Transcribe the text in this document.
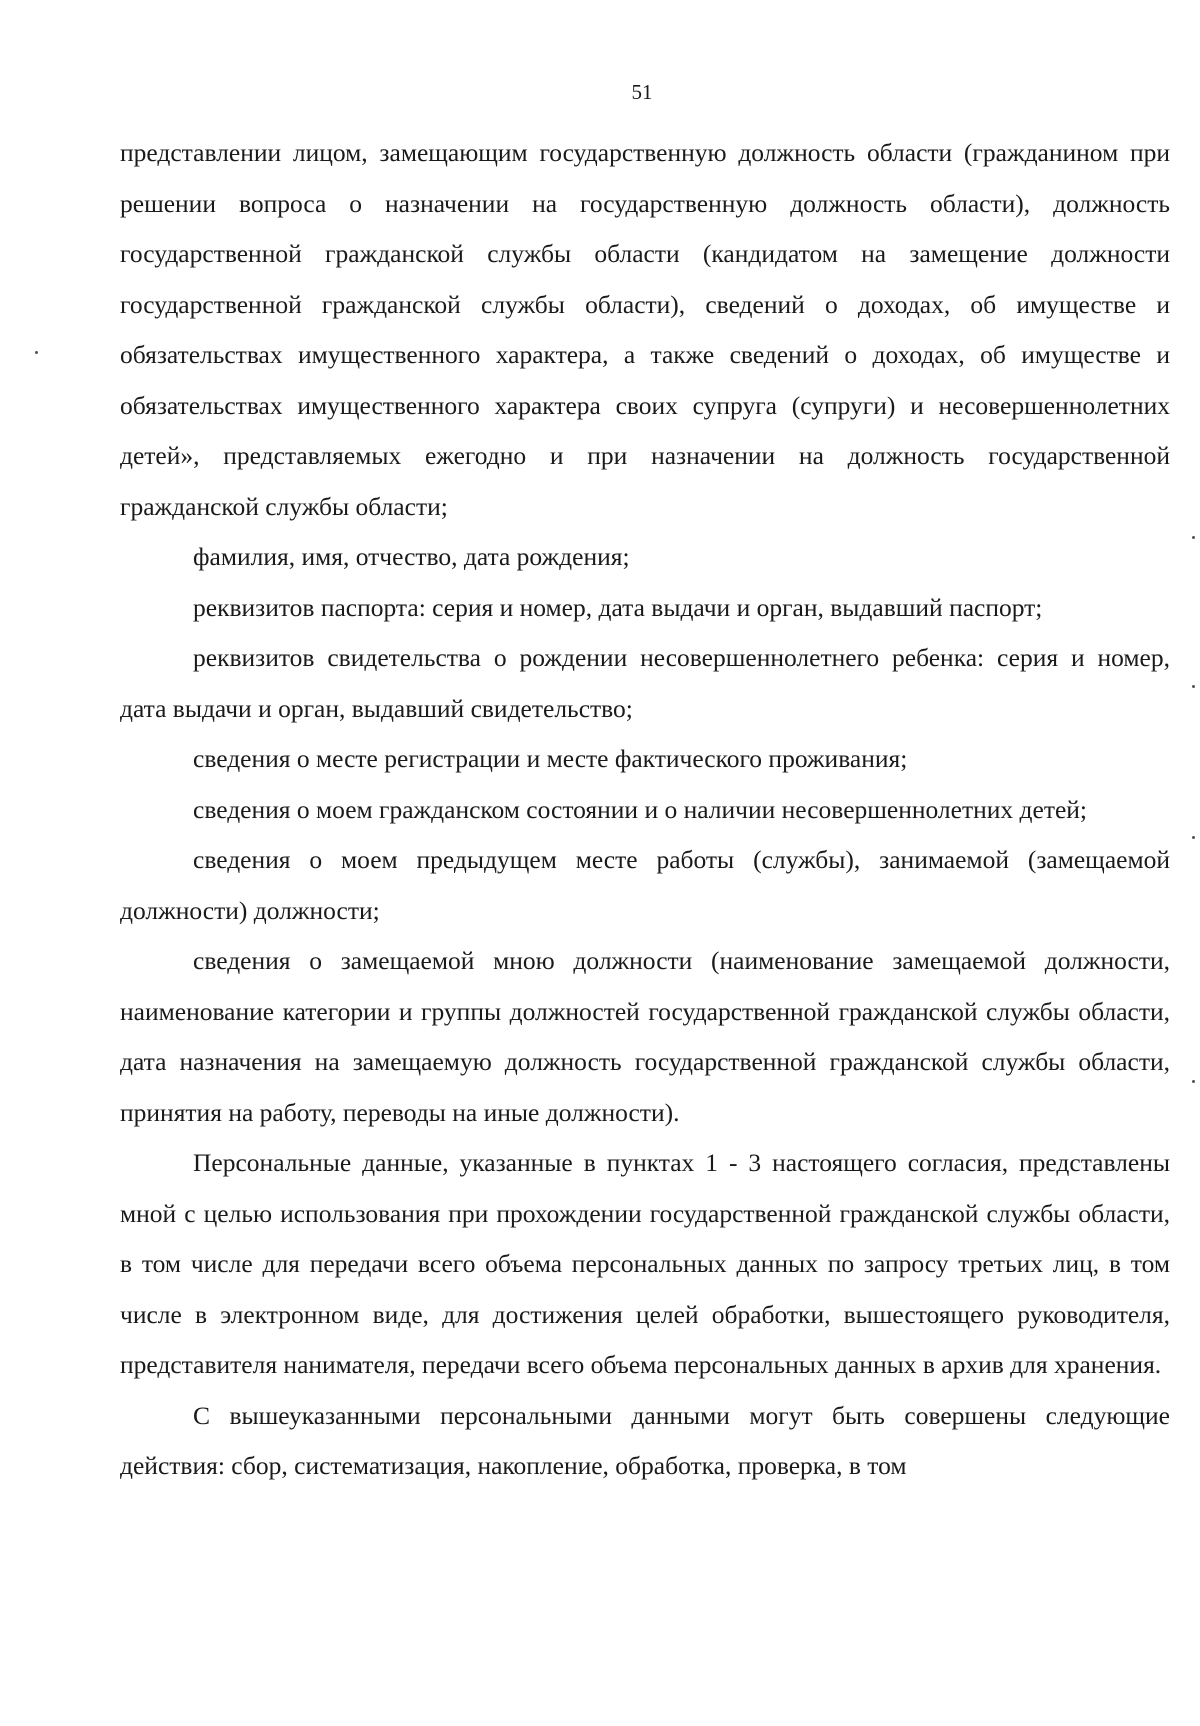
51

представлении лицом, замещающим государственную должность области (гражданином при решении вопроса о назначении на государственную должность области), должность государственной гражданской службы области (кандидатом на замещение должности государственной гражданской службы области), сведений о доходах, об имуществе и обязательствах имущественного характера, а также сведений о доходах, об имуществе и обязательствах имущественного характера своих супруга (супруги) и несовершеннолетних детей», представляемых ежегодно и при назначении на должность государственной гражданской службы области;

фамилия, имя, отчество, дата рождения;

реквизитов паспорта: серия и номер, дата выдачи и орган, выдавший паспорт;

реквизитов свидетельства о рождении несовершеннолетнего ребенка: серия и номер, дата выдачи и орган, выдавший свидетельство;

сведения о месте регистрации и месте фактического проживания;

сведения о моем гражданском состоянии и о наличии несовершеннолетних детей;

сведения о моем предыдущем месте работы (службы), занимаемой (замещаемой должности) должности;

сведения о замещаемой мною должности (наименование замещаемой должности, наименование категории и группы должностей государственной гражданской службы области, дата назначения на замещаемую должность государственной гражданской службы области, принятия на работу, переводы на иные должности).

Персональные данные, указанные в пунктах 1 - 3 настоящего согласия, представлены мной с целью использования при прохождении государственной гражданской службы области, в том числе для передачи всего объема персональных данных по запросу третьих лиц, в том числе в электронном виде, для достижения целей обработки, вышестоящего руководителя, представителя нанимателя, передачи всего объема персональных данных в архив для хранения.

С вышеуказанными персональными данными могут быть совершены следующие действия: сбор, систематизация, накопление, обработка, проверка, в том
